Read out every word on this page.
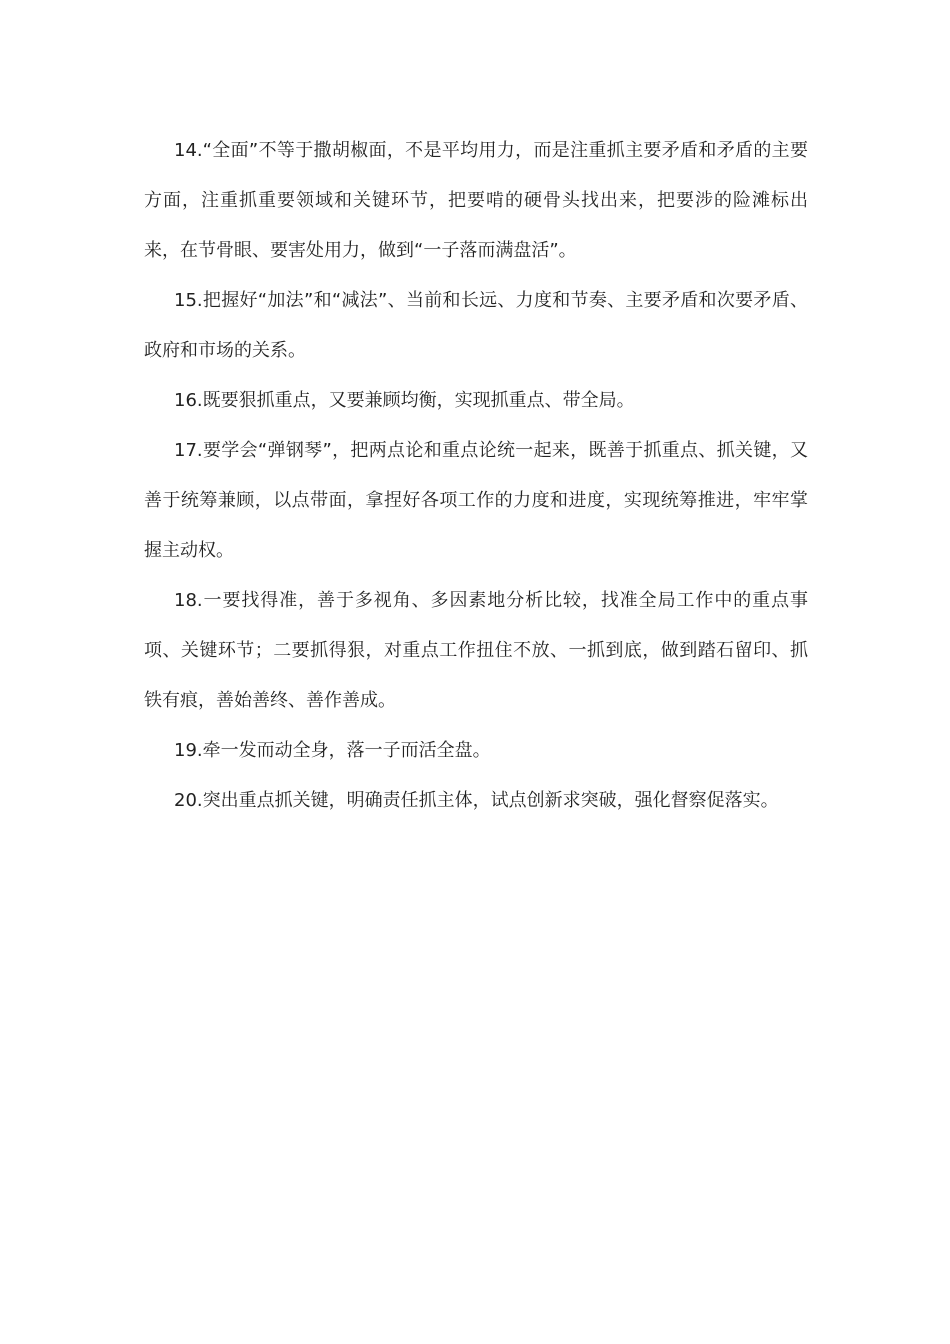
14.“全面”不等于撒胡椒面，不是平均用力，而是注重抓主要矛盾和矛盾的主要方面，注重抓重要领域和关键环节，把要啃的硬骨头找出来，把要涉的险滩标出来，在节骨眼、要害处用力，做到“一子落而满盘活”。

15.把握好“加法”和“减法”、当前和长远、力度和节奏、主要矛盾和次要矛盾、政府和市场的关系。

16.既要狠抓重点，又要兼顾均衡，实现抓重点、带全局。

17.要学会“弹钢琴”，把两点论和重点论统一起来，既善于抓重点、抓关键，又善于统筹兼顾，以点带面，拿捏好各项工作的力度和进度，实现统筹推进，牢牢掌握主动权。

18.一要找得准，善于多视角、多因素地分析比较，找准全局工作中的重点事项、关键环节；二要抓得狠，对重点工作扭住不放、一抓到底，做到踏石留印、抓铁有痕，善始善终、善作善成。

19.牵一发而动全身，落一子而活全盘。

20.突出重点抓关键，明确责任抓主体，试点创新求突破，强化督察促落实。
